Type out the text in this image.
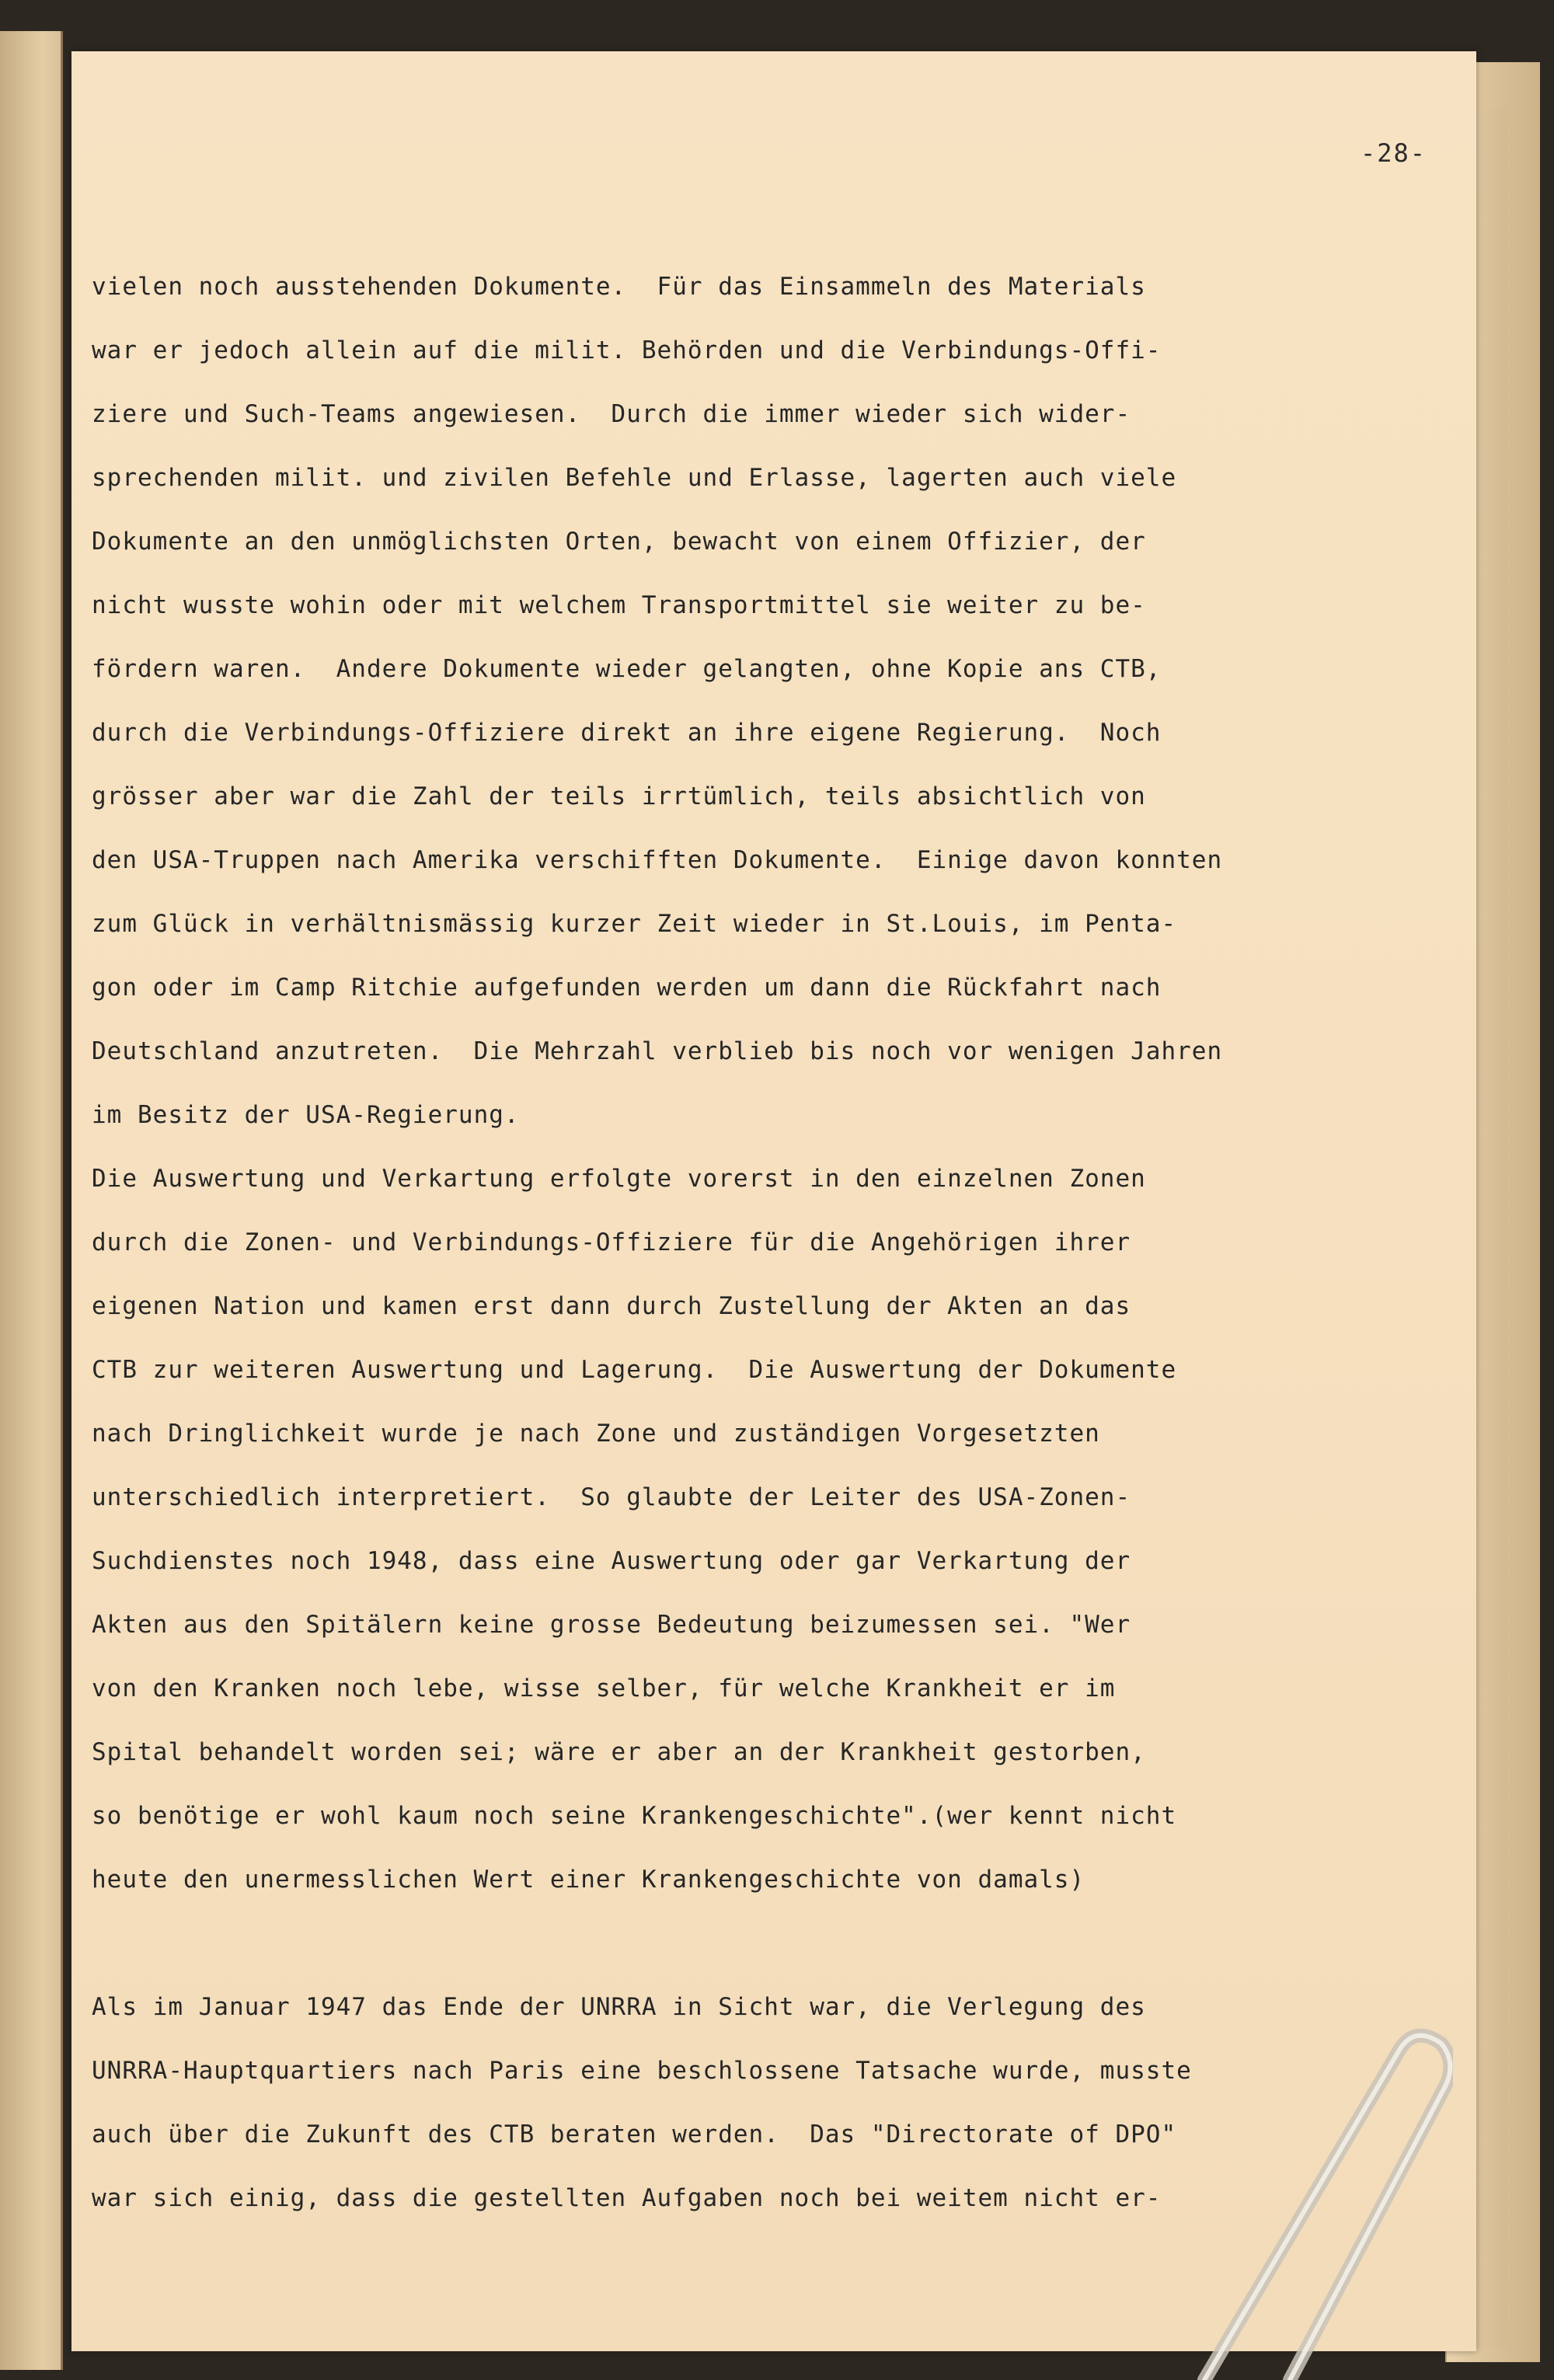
-28-

vielen noch ausstehenden Dokumente.  Für das Einsammeln des Materials
war er jedoch allein auf die milit. Behörden und die Verbindungs-Offi-
ziere und Such-Teams angewiesen.  Durch die immer wieder sich wider-
sprechenden milit. und zivilen Befehle und Erlasse, lagerten auch viele
Dokumente an den unmöglichsten Orten, bewacht von einem Offizier, der
nicht wusste wohin oder mit welchem Transportmittel sie weiter zu be-
fördern waren.  Andere Dokumente wieder gelangten, ohne Kopie ans CTB,
durch die Verbindungs-Offiziere direkt an ihre eigene Regierung.  Noch
grösser aber war die Zahl der teils irrtümlich, teils absichtlich von
den USA-Truppen nach Amerika verschifften Dokumente.  Einige davon konnten
zum Glück in verhältnismässig kurzer Zeit wieder in St.Louis, im Penta-
gon oder im Camp Ritchie aufgefunden werden um dann die Rückfahrt nach
Deutschland anzutreten.  Die Mehrzahl verblieb bis noch vor wenigen Jahren
im Besitz der USA-Regierung.
Die Auswertung und Verkartung erfolgte vorerst in den einzelnen Zonen
durch die Zonen- und Verbindungs-Offiziere für die Angehörigen ihrer
eigenen Nation und kamen erst dann durch Zustellung der Akten an das
CTB zur weiteren Auswertung und Lagerung.  Die Auswertung der Dokumente
nach Dringlichkeit wurde je nach Zone und zuständigen Vorgesetzten
unterschiedlich interpretiert.  So glaubte der Leiter des USA-Zonen-
Suchdienstes noch 1948, dass eine Auswertung oder gar Verkartung der
Akten aus den Spitälern keine grosse Bedeutung beizumessen sei. "Wer
von den Kranken noch lebe, wisse selber, für welche Krankheit er im
Spital behandelt worden sei; wäre er aber an der Krankheit gestorben,
so benötige er wohl kaum noch seine Krankengeschichte".(wer kennt nicht
heute den unermesslichen Wert einer Krankengeschichte von damals)
Als im Januar 1947 das Ende der UNRRA in Sicht war, die Verlegung des
UNRRA-Hauptquartiers nach Paris eine beschlossene Tatsache wurde, musste
auch über die Zukunft des CTB beraten werden.  Das "Directorate of DPO"
war sich einig, dass die gestellten Aufgaben noch bei weitem nicht er-
